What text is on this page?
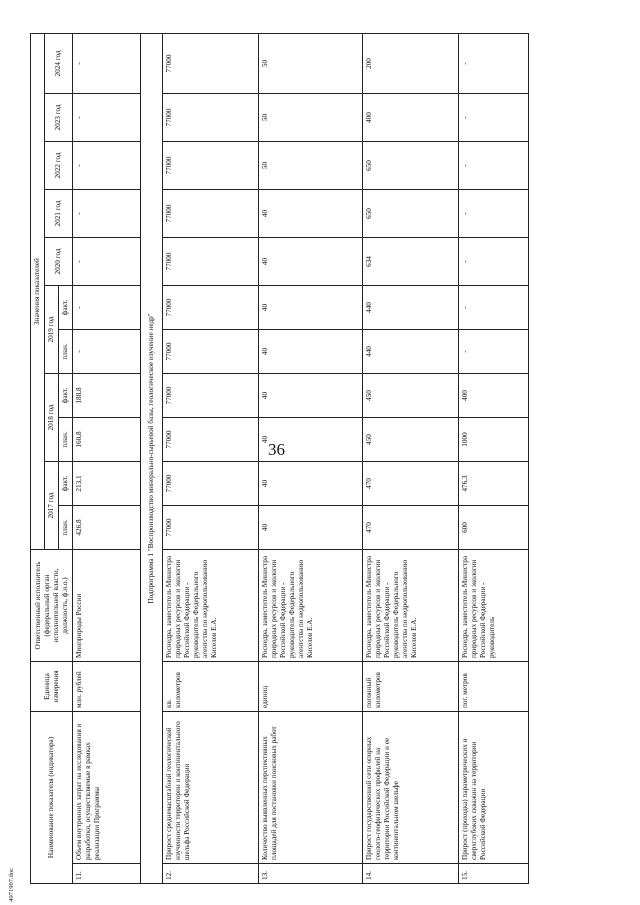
36
4971907.doc
Наименование показателя (индикатора)		Единица измерения	Ответственный исполнитель (федеральный орган исполнительной власти, должность, ф.и.о.)	Значения показателей										
				2017 год		2018 год		2019 год		2020 год	2021 год	2022 год	2023 год	2024 год
				план.	факт.	план.	факт.	план.	факт.					
11.	Объем внутренних затрат на исследования и разработки, осуществляемые в рамках реализации Программы	млн. рублей	Минприроды России	426,8	213,1	160,8	188,8	-	-	-	-	-	-	-
Подпрограмма 1 "Воспроизводство минерально-сырьевой базы, геологическое изучение недр"														
12.	Прирост среднемасштабной геологической изученности территории и континентального шельфа Российской Федерации	кв. километров	Роснедра, заместитель Министра природных ресурсов и экологии Российской Федерации - руководитель Федерального агентства по недропользованию Киселев Е.А.	77000	77000	77000	77000	77000	77000	77000	77000	77000	77000	77000
13.	Количество выявленных перспективных площадей для постановки поисковых работ	единиц	Роснедра, заместитель Министра природных ресурсов и экологии Российской Федерации - руководитель Федерального агентства по недропользованию Киселев Е.А.	40	40	40	40	40	40	40	40	50	50	50
14.	Прирост государственной сети опорных геолого-геофизических профилей на территории Российской Федерации и ее континентальном шельфе	погонный километров	Роснедра, заместитель Министра природных ресурсов и экологии Российской Федерации - руководитель Федерального агентства по недропользованию Киселев Е.А.	470	470	450	450	440	440	634	650	650	400	200
15.	Прирост (проходка) параметрических и сверхглубоких скважин на территории Российской Федерации	пог. метров	Роснедра, заместитель Министра природных ресурсов и экологии Российской Федерации - руководитель	600	476,3	1000	400	-	-	-	-	-	-	-
